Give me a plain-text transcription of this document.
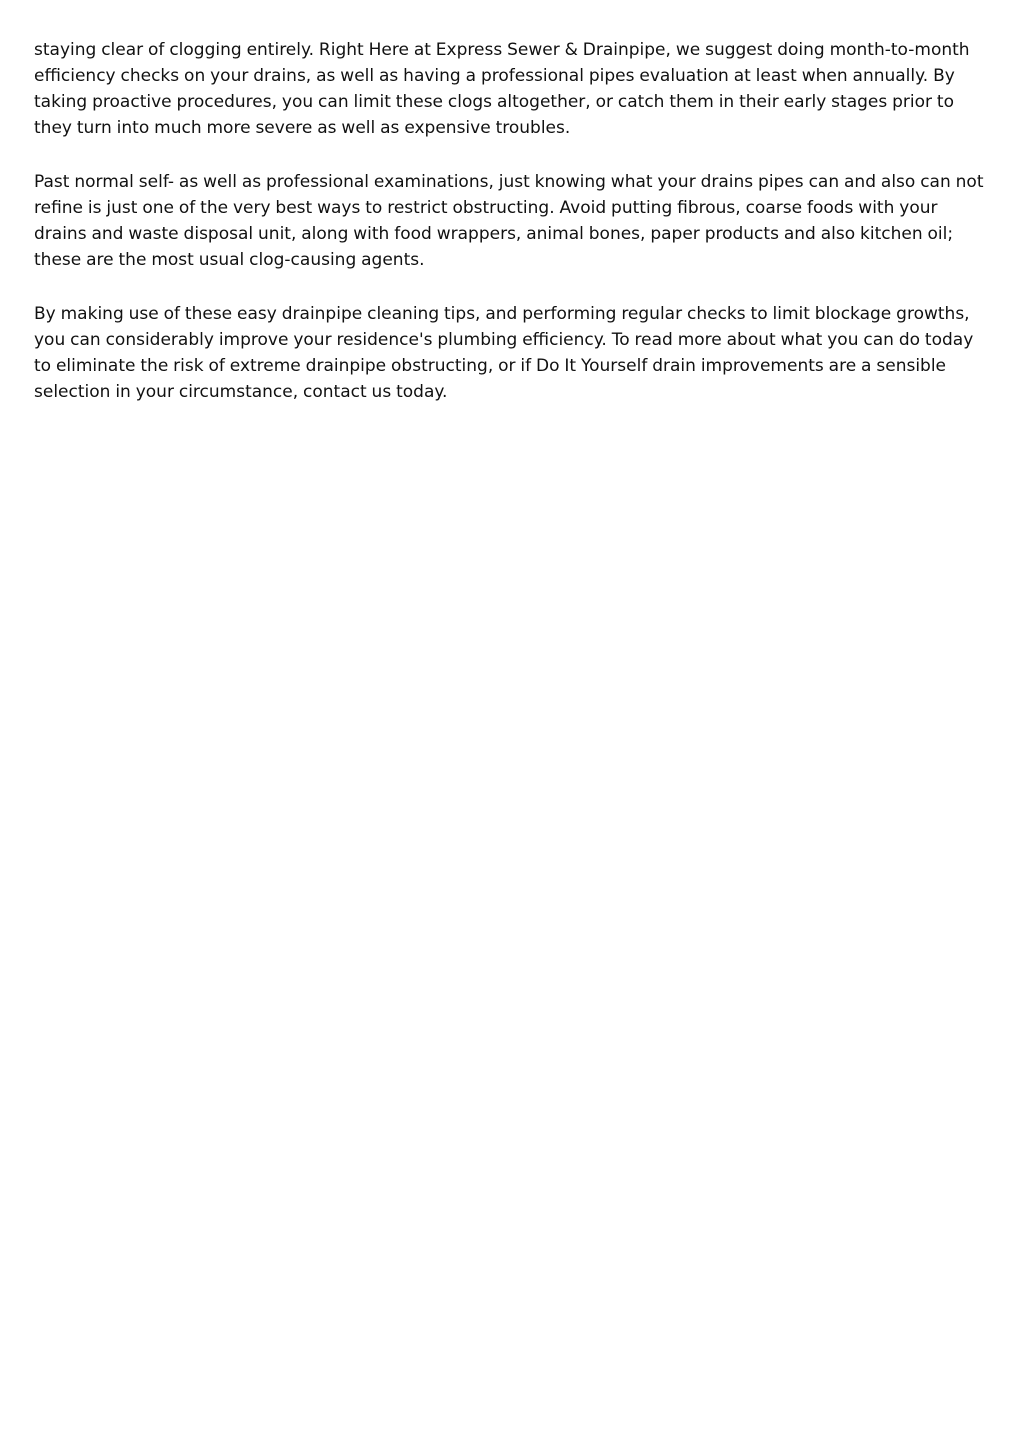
staying clear of clogging entirely. Right Here at Express Sewer & Drainpipe, we suggest doing month-to-month efficiency checks on your drains, as well as having a professional pipes evaluation at least when annually. By taking proactive procedures, you can limit these clogs altogether, or catch them in their early stages prior to they turn into much more severe as well as expensive troubles.

Past normal self- as well as professional examinations, just knowing what your drains pipes can and also can not refine is just one of the very best ways to restrict obstructing. Avoid putting fibrous, coarse foods with your drains and waste disposal unit, along with food wrappers, animal bones, paper products and also kitchen oil; these are the most usual clog-causing agents.

By making use of these easy drainpipe cleaning tips, and performing regular checks to limit blockage growths, you can considerably improve your residence's plumbing efficiency. To read more about what you can do today to eliminate the risk of extreme drainpipe obstructing, or if Do It Yourself drain improvements are a sensible selection in your circumstance, contact us today.
